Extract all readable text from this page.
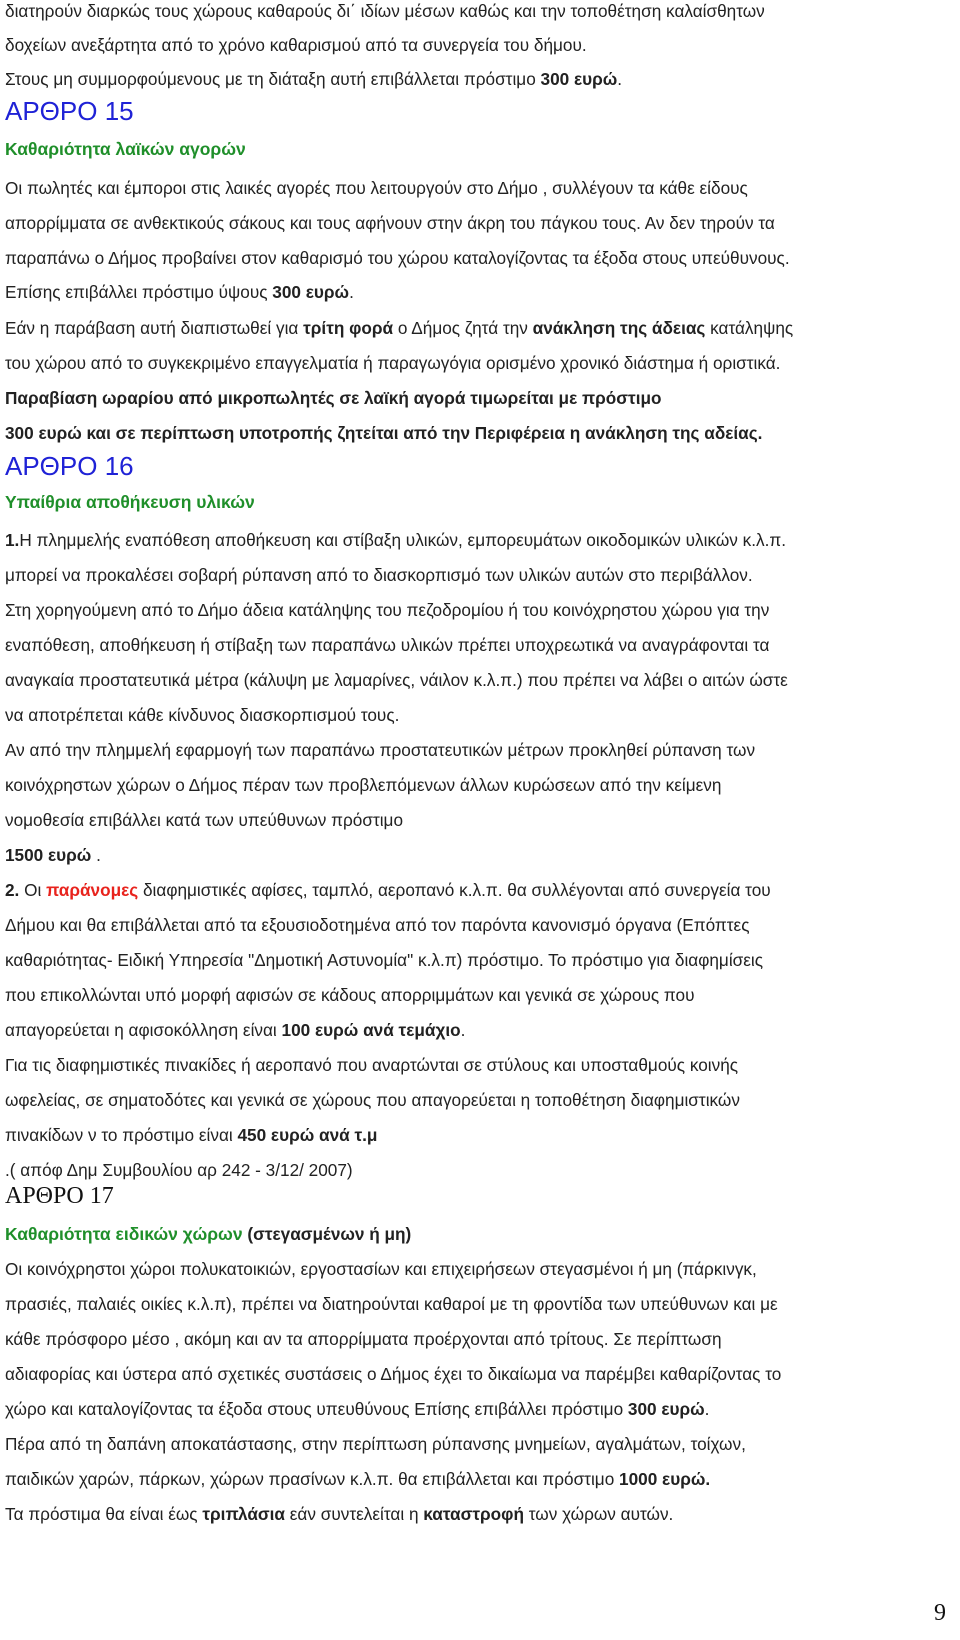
διατηρούν διαρκώς τους χώρους καθαρούς δι΄ ιδίων μέσων καθώς και την τοποθέτηση καλαίσθητων
δοχείων ανεξάρτητα από το χρόνο καθαρισμού από τα συνεργεία του δήμου.
Στους μη συμμορφούμενους με τη διάταξη αυτή επιβάλλεται πρόστιμο 300 ευρώ.
ΑΡΘΡΟ 15
Καθαριότητα λαϊκών αγορών
Οι πωλητές και έμποροι στις λαικές αγορές που λειτουργούν στο Δήμο , συλλέγουν τα κάθε είδους
απορρίμματα σε ανθεκτικούς σάκους και τους αφήνουν στην άκρη του πάγκου τους. Αν δεν τηρούν τα
παραπάνω ο Δήμος προβαίνει στον καθαρισμό του χώρου καταλογίζοντας τα έξοδα στους υπεύθυνους.
Επίσης επιβάλλει πρόστιμο ύψους 300 ευρώ.
Εάν η παράβαση αυτή διαπιστωθεί για τρίτη φορά ο Δήμος ζητά την ανάκληση της άδειας κατάληψης
του χώρου από το συγκεκριμένο επαγγελματία ή παραγωγόγια ορισμένο χρονικό διάστημα ή οριστικά.
Παραβίαση ωραρίου από μικροπωλητές σε λαϊκή αγορά τιμωρείται με πρόστιμο
300 ευρώ και σε περίπτωση υποτροπής ζητείται από την Περιφέρεια η ανάκληση της αδείας.
ΑΡΘΡΟ 16
Υπαίθρια αποθήκευση υλικών
1.Η πλημμελής εναπόθεση αποθήκευση και στίβαξη υλικών, εμπορευμάτων οικοδομικών υλικών κ.λ.π.
μπορεί να προκαλέσει σοβαρή ρύπανση από το διασκορπισμό των υλικών αυτών στο περιβάλλον.
Στη χορηγούμενη από το Δήμο άδεια κατάληψης του πεζοδρομίου ή του κοινόχρηστου χώρου για την
εναπόθεση, αποθήκευση ή στίβαξη των παραπάνω υλικών πρέπει υποχρεωτικά να αναγράφονται τα
αναγκαία προστατευτικά μέτρα (κάλυψη με λαμαρίνες, νάιλον κ.λ.π.) που πρέπει να λάβει ο αιτών ώστε
να αποτρέπεται κάθε κίνδυνος διασκορπισμού τους.
Αν από την πλημμελή εφαρμογή των παραπάνω προστατευτικών μέτρων προκληθεί ρύπανση των
κοινόχρηστων χώρων ο Δήμος πέραν των προβλεπόμενων άλλων κυρώσεων από την κείμενη
νομοθεσία επιβάλλει κατά των υπεύθυνων πρόστιμο
1500 ευρώ .
2. Οι παράνομες διαφημιστικές αφίσες, ταμπλό, αεροπανό κ.λ.π. θα συλλέγονται από συνεργεία του
Δήμου και θα επιβάλλεται από τα εξουσιοδοτημένα από τον παρόντα κανονισμό όργανα (Επόπτες
καθαριότητας- Ειδική Υπηρεσία "Δημοτική Αστυνομία" κ.λ.π) πρόστιμο. Το πρόστιμο για διαφημίσεις
που επικολλώνται υπό μορφή αφισών σε κάδους απορριμμάτων και γενικά σε χώρους που
απαγορεύεται η αφισοκόλληση είναι 100 ευρώ ανά τεμάχιο.
Για τις διαφημιστικές πινακίδες ή αεροπανό που αναρτώνται σε στύλους και υποσταθμούς κοινής
ωφελείας, σε σηματοδότες και γενικά σε χώρους που απαγορεύεται η τοποθέτηση διαφημιστικών
πινακίδων ν το πρόστιμο είναι 450 ευρώ ανά τ.μ
.( απόφ Δημ Συμβουλίου αρ 242 - 3/12/ 2007)
ΑΡΘΡΟ 17
Καθαριότητα ειδικών χώρων (στεγασμένων ή μη)
Οι κοινόχρηστοι χώροι πολυκατοικιών, εργοστασίων και επιχειρήσεων στεγασμένοι ή μη (πάρκινγκ,
πρασιές, παλαιές οικίες κ.λ.π), πρέπει να διατηρούνται καθαροί με τη φροντίδα των υπεύθυνων και με
κάθε πρόσφορο μέσο , ακόμη και αν τα απορρίμματα προέρχονται από τρίτους. Σε περίπτωση
αδιαφορίας και ύστερα από σχετικές συστάσεις ο Δήμος έχει το δικαίωμα να παρέμβει καθαρίζοντας το
χώρο και καταλογίζοντας τα έξοδα στους υπευθύνους Επίσης επιβάλλει πρόστιμο 300 ευρώ.
Πέρα από τη δαπάνη αποκατάστασης, στην περίπτωση ρύπανσης μνημείων, αγαλμάτων, τοίχων,
παιδικών χαρών, πάρκων, χώρων πρασίνων κ.λ.π. θα επιβάλλεται και πρόστιμο 1000 ευρώ.
Τα πρόστιμα θα είναι έως τριπλάσια εάν συντελείται η καταστροφή των χώρων αυτών.
9
